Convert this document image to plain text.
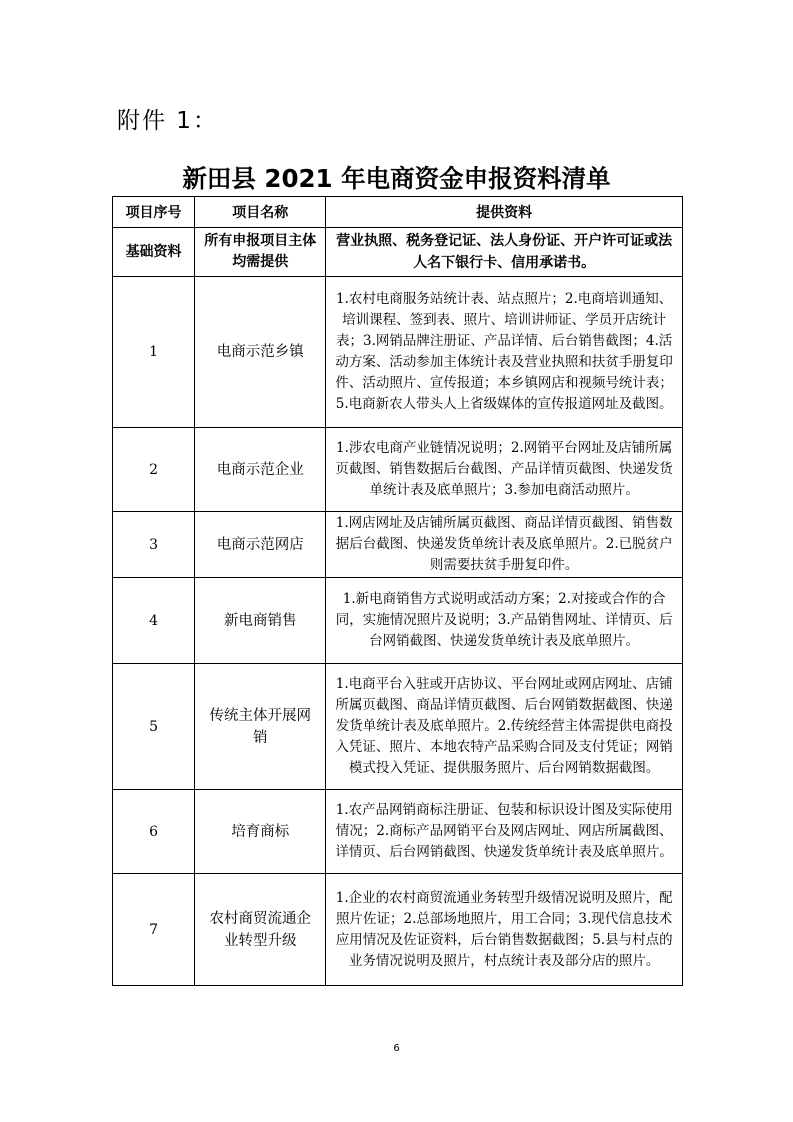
附件 1：
新田县 2021 年电商资金申报资料清单
项目序号	项目名称	提供资料
基础资料	所有申报项目主体均需提供	营业执照、税务登记证、法人身份证、开户许可证或法人名下银行卡、信用承诺书。
1	电商示范乡镇	1.农村电商服务站统计表、站点照片；2.电商培训通知、培训课程、签到表、照片、培训讲师证、学员开店统计表；3.网销品牌注册证、产品详情、后台销售截图；4.活动方案、活动参加主体统计表及营业执照和扶贫手册复印件、活动照片、宣传报道；本乡镇网店和视频号统计表；5.电商新农人带头人上省级媒体的宣传报道网址及截图。
2	电商示范企业	1.涉农电商产业链情况说明；2.网销平台网址及店铺所属页截图、销售数据后台截图、产品详情页截图、快递发货单统计表及底单照片；3.参加电商活动照片。
3	电商示范网店	1.网店网址及店铺所属页截图、商品详情页截图、销售数据后台截图、快递发货单统计表及底单照片。2.已脱贫户则需要扶贫手册复印件。
4	新电商销售	1.新电商销售方式说明或活动方案；2.对接或合作的合同，实施情况照片及说明；3.产品销售网址、详情页、后台网销截图、快递发货单统计表及底单照片。
5	传统主体开展网销	1.电商平台入驻或开店协议、平台网址或网店网址、店铺所属页截图、商品详情页截图、后台网销数据截图、快递发货单统计表及底单照片。2.传统经营主体需提供电商投入凭证、照片、本地农特产品采购合同及支付凭证；网销模式投入凭证、提供服务照片、后台网销数据截图。
6	培育商标	1.农产品网销商标注册证、包装和标识设计图及实际使用情况；2.商标产品网销平台及网店网址、网店所属截图、详情页、后台网销截图、快递发货单统计表及底单照片。
7	农村商贸流通企业转型升级	1.企业的农村商贸流通业务转型升级情况说明及照片，配照片佐证；2.总部场地照片，用工合同；3.现代信息技术应用情况及佐证资料，后台销售数据截图；5.县与村点的业务情况说明及照片，村点统计表及部分店的照片。
6
